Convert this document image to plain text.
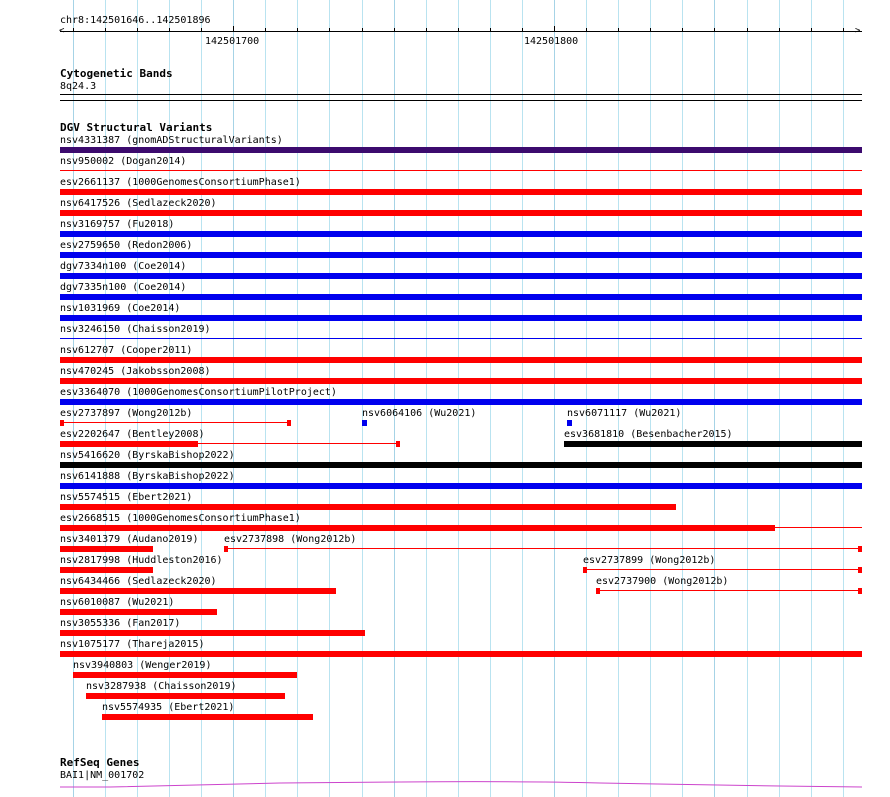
chr8:142501646..142501896
<	>
142501700	142501800
Cytogenetic Bands
8q24.3
DGV Structural Variants
nsv4331387 (gnomADStructuralVariants)
nsv950002 (Dogan2014)
esv2661137 (1000GenomesConsortiumPhase1)
nsv6417526 (Sedlazeck2020)
nsv3169757 (Fu2018)
esv2759650 (Redon2006)
dgv7334n100 (Coe2014)
dgv7335n100 (Coe2014)
nsv1031969 (Coe2014)
nsv3246150 (Chaisson2019)
nsv612707 (Cooper2011)
nsv470245 (Jakobsson2008)
esv3364070 (1000GenomesConsortiumPilotProject)
esv2737897 (Wong2012b)	nsv6064106 (Wu2021)	nsv6071117 (Wu2021)
esv2202647 (Bentley2008)	esv3681810 (Besenbacher2015)
nsv5416620 (ByrskaBishop2022)
nsv6141888 (ByrskaBishop2022)
nsv5574515 (Ebert2021)
esv2668515 (1000GenomesConsortiumPhase1)
nsv3401379 (Audano2019)	esv2737898 (Wong2012b)
nsv2817998 (Huddleston2016)	esv2737899 (Wong2012b)
nsv6434466 (Sedlazeck2020)	esv2737900 (Wong2012b)
nsv6010087 (Wu2021)
nsv3055336 (Fan2017)
nsv1075177 (Thareja2015)
nsv3940803 (Wenger2019)
nsv3287938 (Chaisson2019)
nsv5574935 (Ebert2021)
RefSeq Genes
BAI1|NM_001702
